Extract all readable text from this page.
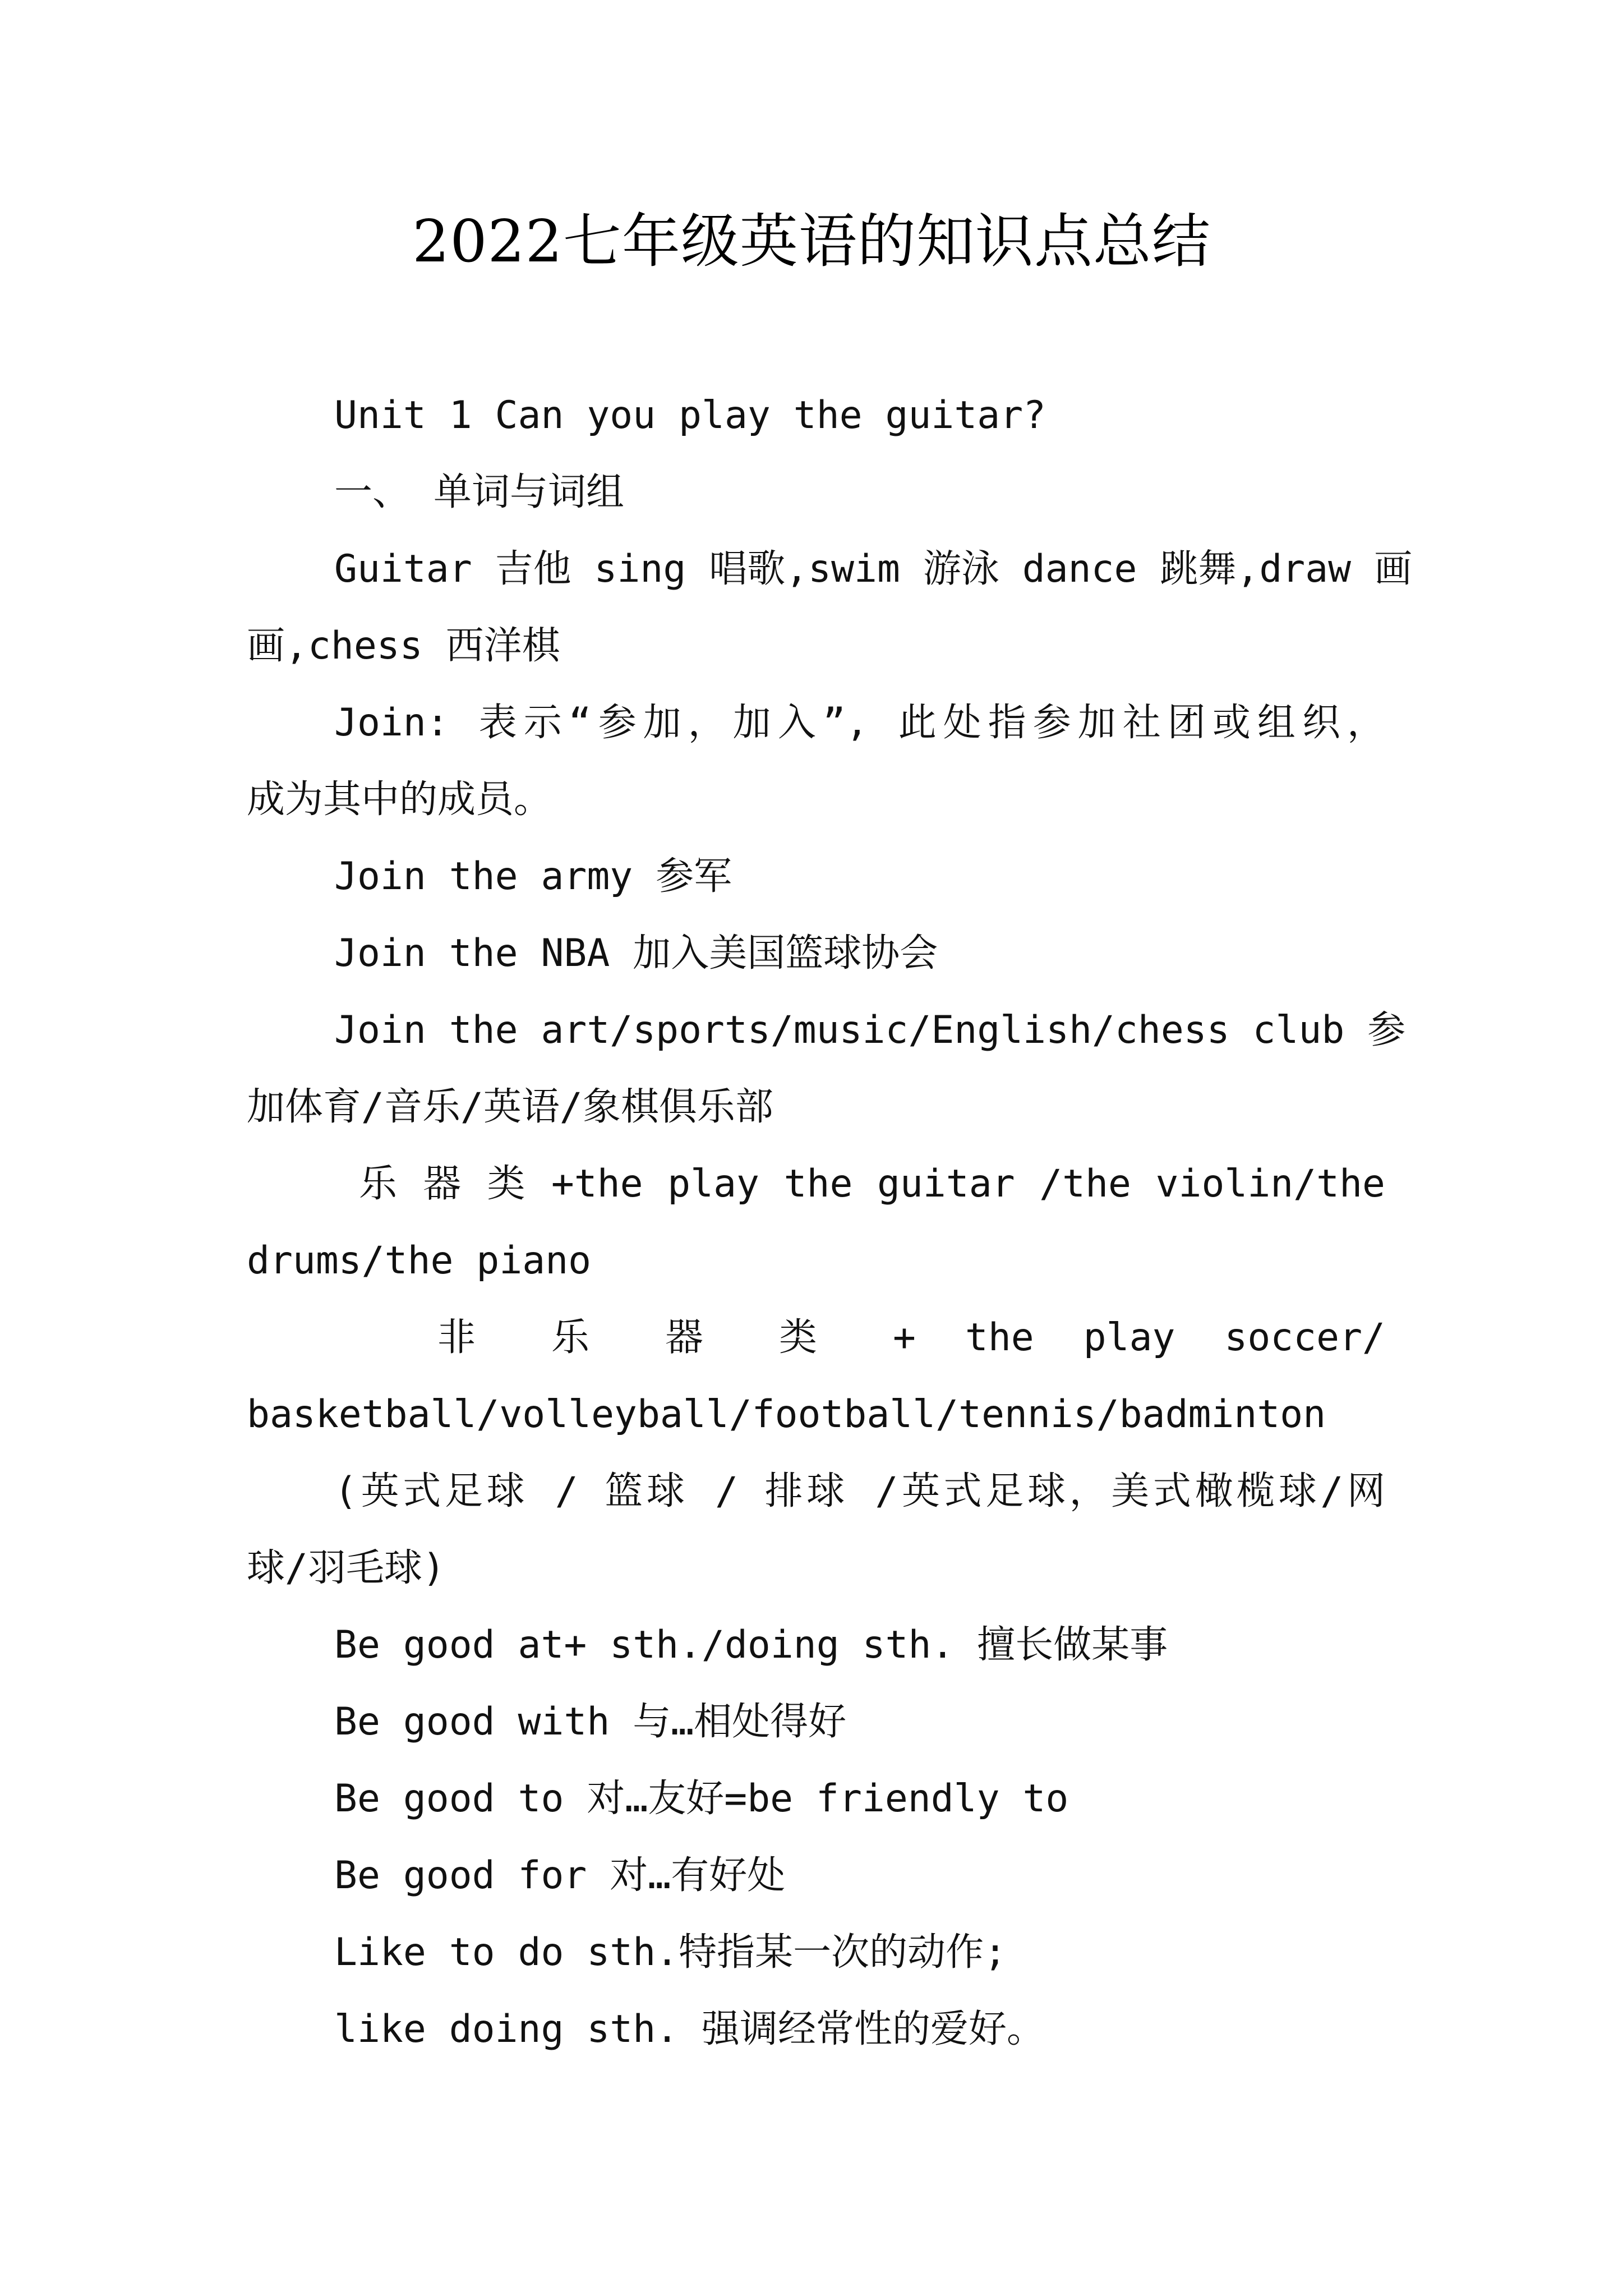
2022七年级英语的知识点总结
Unit 1 Can you play the guitar?
一、 单词与词组
Guitar 吉他 sing 唱歌,swim 游泳 dance 跳舞,draw 画
画,chess 西洋棋
Join: 表示“参加，加入”, 此处指参加社团或组织，
成为其中的成员。
Join the army 参军
Join the NBA 加入美国篮球协会
Join the art/sports/music/English/chess club 参
加体育/音乐/英语/象棋俱乐部
乐 器 类 +the play the guitar /the violin/the
drums/the piano
非 乐 器 类 + the play soccer/
basketball/volleyball/football/tennis/badminton
(英式足球 / 篮球 / 排球 /英式足球，美式橄榄球/网
球/羽毛球)
Be good at+ sth./doing sth. 擅长做某事
Be good with 与…相处得好
Be good to 对…友好=be friendly to
Be good for 对…有好处
Like to do sth.特指某一次的动作;
like doing sth. 强调经常性的爱好。
